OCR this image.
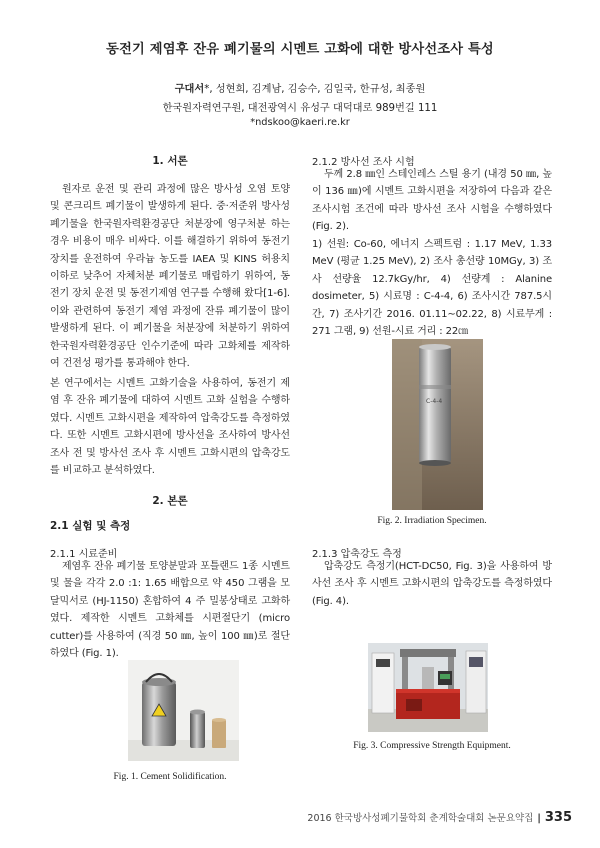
동전기 제염후 잔유 폐기물의 시멘트 고화에 대한 방사선조사 특성
구대서*, 성현희, 김계남, 김승수, 김일국, 한규성, 최종원
한국원자력연구원, 대전광역시 유성구 대덕대로 989번길 111
*ndskoo@kaeri.re.kr
1. 서론
원자로 운전 및 관리 과정에 많은 방사성 오염 토양 및 콘크리트 폐기물이 발생하게 된다. 중·저준위 방사성폐기물을 한국원자력환경공단 처분장에 영구처분 하는 경우 비용이 매우 비싸다. 이를 해결하기 위하여 동전기 장치를 운전하여 우라늄 농도를 IAEA 및 KINS 허용치 이하로 낮추어 자체처분 폐기물로 매립하기 위하여, 동전기 장치 운전 및 동전기제염 연구를 수행해 왔다[1-6]. 이와 관련하여 동전기 제염 과정에 잔류 폐기물이 많이 발생하게 된다. 이 폐기물을 처분장에 처분하기 위하여 한국원자력환경공단 인수기준에 따라 고화체를 제작하여 건전성 평가를 통과해야 한다.
본 연구에서는 시멘트 고화기술을 사용하여, 동전기 제염 후 잔유 폐기물에 대하여 시멘트 고화 실험을 수행하였다. 시멘트 고화시편을 제작하여 압축강도를 측정하였다. 또한 시멘트 고화시편에 방사선을 조사하여 방사선 조사 전 및 방사선 조사 후 시멘트 고화시편의 압축강도를 비교하고 분석하였다.
2. 본론
2.1 실험 및 측정
2.1.1 시료준비
제염후 잔유 폐기물 토양분말과 포틀랜드 1종 시멘트 및 물을 각각 2.0 :1: 1.65 배합으로 약 450 그램을 모달믹서로 (HJ-1150) 혼합하여 4 주 밀봉상태로 고화하였다. 제작한 시멘트 고화체를 시편절단기 (micro cutter)를 사용하여 (직경 50 ㎜, 높이 100 ㎜)로 절단하였다 (Fig. 1).
Fig. 1. Cement Solidification.
2.1.2 방사선 조사 시험
두께 2.8 ㎜인 스테인레스 스틸 용기 (내경 50 ㎜, 높이 136 ㎜)에 시멘트 고화시편을 저장하여 다음과 같은 조사시험 조건에 따라 방사선 조사 시험을 수행하였다(Fig. 2).
1) 선원: Co-60, 에너지 스펙트럼 : 1.17 MeV, 1.33 MeV (평균 1.25 MeV), 2) 조사 총선량 10MGy, 3) 조사 선량율 12.7kGy/hr, 4) 선량계 : Alanine dosimeter, 5) 시료명 : C-4-4, 6) 조사시간 787.5시간, 7) 조사기간 2016. 01.11∼02.22, 8) 시료무게 : 271 그램, 9) 선원-시료 거리 : 22㎝
C-4-4
Fig. 2. Irradiation Specimen.
2.1.3 압축강도 측정
압축강도 측정기(HCT-DC50, Fig. 3)을 사용하여 방사선 조사 후 시멘트 고화시편의 압축강도를 측정하였다(Fig. 4).
Fig. 3. Compressive Strength Equipment.
2016 한국방사성폐기물학회 춘계학술대회 논문요약집 | 335
